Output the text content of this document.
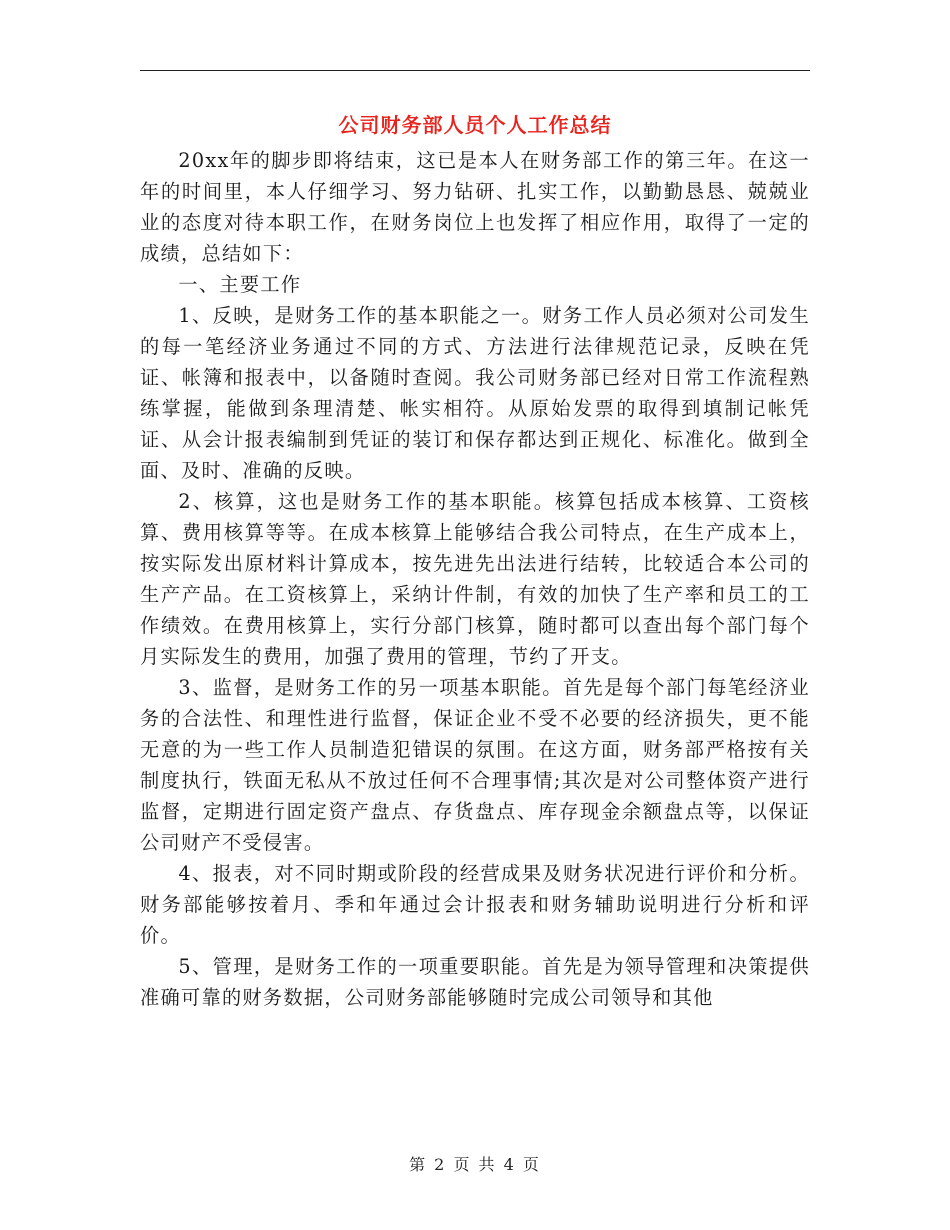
公司财务部人员个人工作总结

20xx年的脚步即将结束，这已是本人在财务部工作的第三年。在这一年的时间里，本人仔细学习、努力钻研、扎实工作，以勤勤恳恳、兢兢业业的态度对待本职工作，在财务岗位上也发挥了相应作用，取得了一定的成绩，总结如下：

一、主要工作

1、反映，是财务工作的基本职能之一。财务工作人员必须对公司发生的每一笔经济业务通过不同的方式、方法进行法律规范记录，反映在凭证、帐簿和报表中，以备随时查阅。我公司财务部已经对日常工作流程熟练掌握，能做到条理清楚、帐实相符。从原始发票的取得到填制记帐凭证、从会计报表编制到凭证的装订和保存都达到正规化、标准化。做到全面、及时、准确的反映。

2、核算，这也是财务工作的基本职能。核算包括成本核算、工资核算、费用核算等等。在成本核算上能够结合我公司特点，在生产成本上，按实际发出原材料计算成本，按先进先出法进行结转，比较适合本公司的生产产品。在工资核算上，采纳计件制，有效的加快了生产率和员工的工作绩效。在费用核算上，实行分部门核算，随时都可以查出每个部门每个月实际发生的费用，加强了费用的管理，节约了开支。

3、监督，是财务工作的另一项基本职能。首先是每个部门每笔经济业务的合法性、和理性进行监督，保证企业不受不必要的经济损失，更不能无意的为一些工作人员制造犯错误的氛围。在这方面，财务部严格按有关制度执行，铁面无私从不放过任何不合理事情;其次是对公司整体资产进行监督，定期进行固定资产盘点、存货盘点、库存现金余额盘点等，以保证公司财产不受侵害。

4、报表，对不同时期或阶段的经营成果及财务状况进行评价和分析。财务部能够按着月、季和年通过会计报表和财务辅助说明进行分析和评价。

5、管理，是财务工作的一项重要职能。首先是为领导管理和决策提供准确可靠的财务数据，公司财务部能够随时完成公司领导和其他

第 2 页 共 4 页
